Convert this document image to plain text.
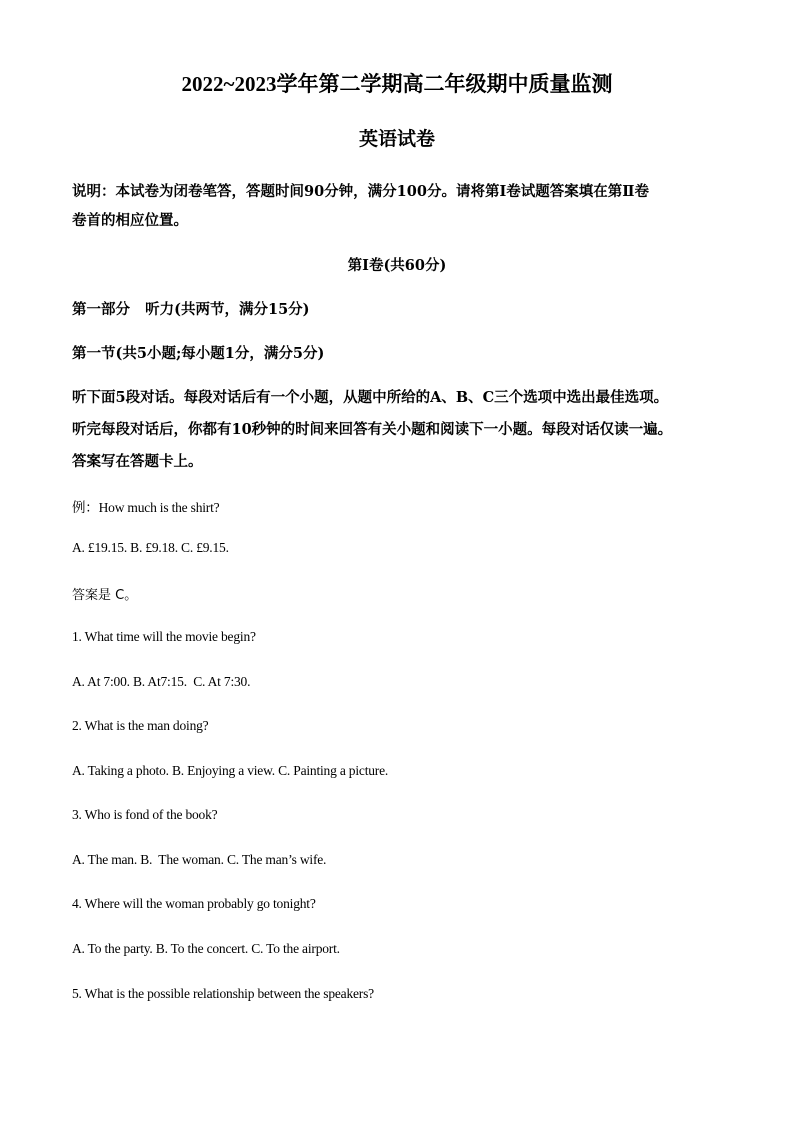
2022~2023学年第二学期高二年级期中质量监测
英语试卷
说明：本试卷为闭卷笔答，答题时间90分钟，满分100分。请将第Ⅰ卷试题答案填在第Ⅱ卷
卷首的相应位置。
第Ⅰ卷(共60分)
第一部分   听力(共两节，满分15分)
第一节(共5小题;每小题1分，满分5分)
听下面5段对话。每段对话后有一个小题，从题中所给的A、B、C三个选项中选出最佳选项。
听完每段对话后，你都有10秒钟的时间来回答有关小题和阅读下一小题。每段对话仅读一遍。
答案写在答题卡上。
例：How much is the shirt?
A. £19.15. B. £9.18. C. £9.15.
答案是 C。
1. What time will the movie begin?
A. At 7:00. B. At7:15.  C. At 7:30.
2. What is the man doing?
A. Taking a photo. B. Enjoying a view. C. Painting a picture.
3. Who is fond of the book?
A. The man. B.  The woman. C. The man’s wife.
4. Where will the woman probably go tonight?
A. To the party. B. To the concert. C. To the airport.
5. What is the possible relationship between the speakers?
